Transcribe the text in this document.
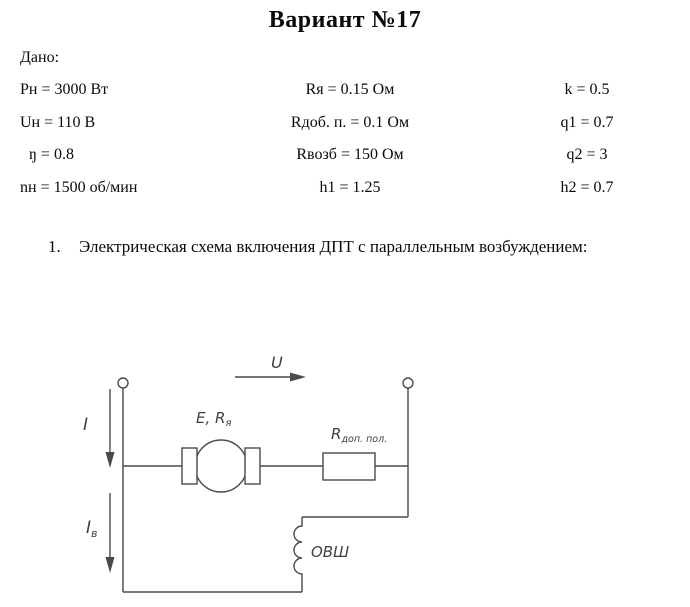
Вариант №17
Дано:
Рн = 3000 Вт
Uн = 110 В
ŋ = 0.8
nн = 1500 об/мин
Rя = 0.15 Ом
Rдоб. п. = 0.1 Ом
Rвозб = 150 Ом
h1 = 1.25
k = 0.5
q1 = 0.7
q2 = 3
h2 = 0.7
1. Электрическая схема включения ДПТ с параллельным возбуждением:
U
I
$I_в$
E, $R_я$
$R_{доп. пол.}$
ОВШ
